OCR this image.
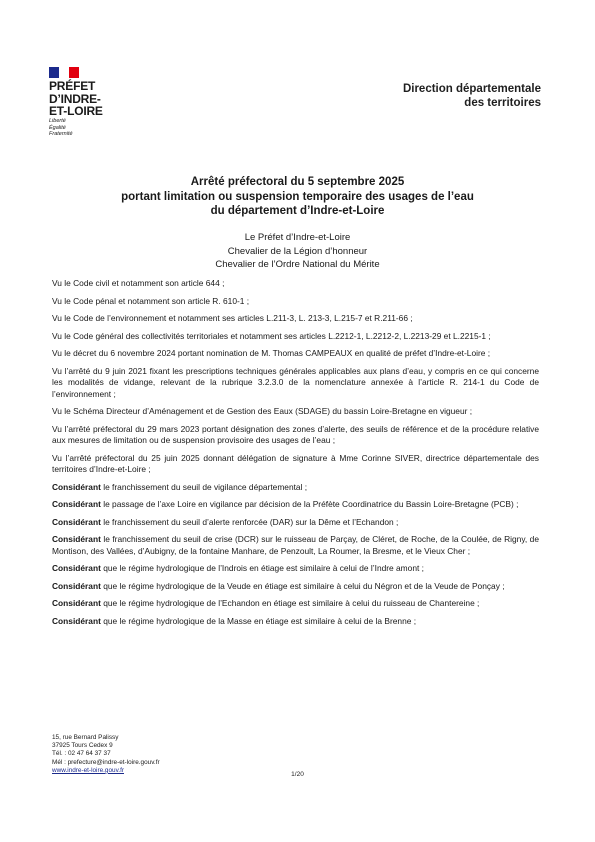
PRÉFET
D’INDRE-
ET-LOIRE
Liberté
Égalité
Fraternité
Direction départementale
des territoires
Arrêté préfectoral du 5 septembre 2025
portant limitation ou suspension temporaire des usages de l’eau
du département d’Indre-et-Loire
Le Préfet d’Indre-et-Loire
Chevalier de la Légion d’honneur
Chevalier de l’Ordre National du Mérite

Vu le Code civil et notamment son article 644 ;

Vu le Code pénal et notamment son article R. 610-1 ;

Vu le Code de l’environnement et notamment ses articles L.211-3, L. 213-3, L.215-7 et R.211-66 ;

Vu le Code général des collectivités territoriales et notamment ses articles L.2212-1, L.2212-2, L.2213-29 et L.2215-1 ;

Vu le décret du 6 novembre 2024 portant nomination de M. Thomas CAMPEAUX en qualité de préfet d’Indre-et-Loire ;

Vu l’arrêté du 9 juin 2021 fixant les prescriptions techniques générales applicables aux plans d’eau, y compris en ce qui concerne les modalités de vidange, relevant de la rubrique 3.2.3.0 de la nomenclature annexée à l’article R. 214-1 du Code de l’environnement ;

Vu le Schéma Directeur d’Aménagement et de Gestion des Eaux (SDAGE) du bassin Loire-Bretagne en vigueur ;

Vu l’arrêté préfectoral du 29 mars 2023 portant désignation des zones d’alerte, des seuils de référence et de la procédure relative aux mesures de limitation ou de suspension provisoire des usages de l’eau ;

Vu l’arrêté préfectoral du 25 juin 2025 donnant délégation de signature à Mme Corinne SIVER, directrice départementale des territoires d’Indre-et-Loire ;

Considérant le franchissement du seuil de vigilance départemental ;

Considérant le passage de l’axe Loire en vigilance par décision de la Préfète Coordinatrice du Bassin Loire-Bretagne (PCB) ;

Considérant le franchissement du seuil d’alerte renforcée (DAR) sur la Dême et l’Echandon ;

Considérant le franchissement du seuil de crise (DCR) sur le ruisseau de Parçay, de Cléret, de Roche, de la Coulée, de Rigny, de Montison, des Vallées, d’Aubigny, de la fontaine Manhare, de Penzoult, La Roumer, la Bresme, et le Vieux Cher ;

Considérant que le régime hydrologique de l’Indrois en étiage est similaire à celui de l’Indre amont ;

Considérant que le régime hydrologique de la Veude en étiage est similaire à celui du Négron et de la Veude de Ponçay ;

Considérant que le régime hydrologique de l’Echandon en étiage est similaire à celui du ruisseau de Chantereine ;

Considérant que le régime hydrologique de la Masse en étiage est similaire à celui de la Brenne ;

15, rue Bernard Palissy
37925 Tours Cedex 9
Tél. : 02 47 64 37 37
Mél : prefecture@indre-et-loire.gouv.fr
www.indre-et-loire.gouv.fr
1/20
